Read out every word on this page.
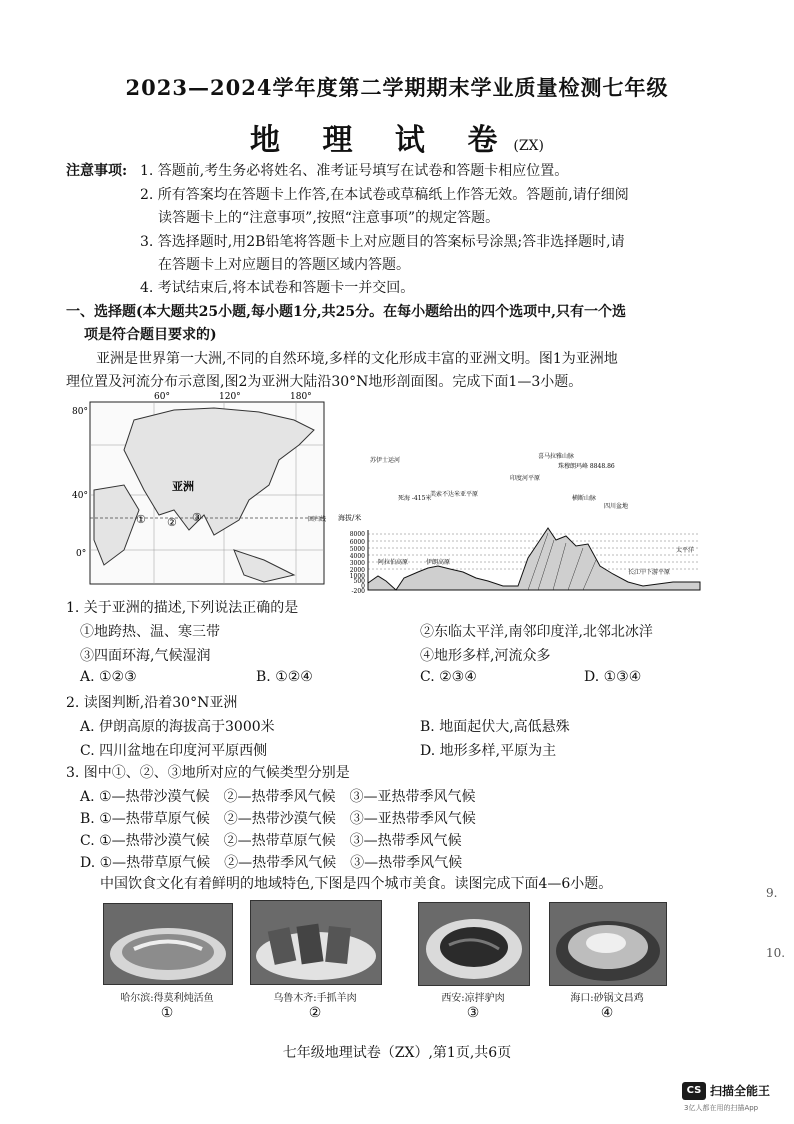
2023—2024学年度第二学期期末学业质量检测七年级
地 理 试 卷(ZX)
注意事项: 1. 答题前,考生务必将姓名、准考证号填写在试卷和答题卡相应位置。
2. 所有答案均在答题卡上作答,在本试卷或草稿纸上作答无效。答题前,请仔细阅
读答题卡上的“注意事项”,按照“注意事项”的规定答题。
3. 答选择题时,用2B铅笔将答题卡上对应题目的答案标号涂黑;答非选择题时,请
在答题卡上对应题目的答题区域内答题。
4. 考试结束后,将本试卷和答题卡一并交回。
一、选择题(本大题共25小题,每小题1分,共25分。在每小题给出的四个选项中,只有一个选
项是符合题目要求的)
亚洲是世界第一大洲,不同的自然环境,多样的文化形成丰富的亚洲文明。图1为亚洲地
理位置及河流分布示意图,图2为亚洲大陆沿30°N地形剖面图。完成下面1—3小题。
60°	120°	180°
80°
40°
0°
亚洲
① ② ③	回归线 海拔/米
8000
6000
5000
4000
3000
2000
1000
500
0
-200
苏伊士运河
死海 -415米
美索不达米亚平原
印度河平原
喜马拉雅山脉
珠穆朗玛峰 8848.86
横断山脉
四川盆地
太平洋
伊朗高原
阿拉伯高原
长江中下游平原
1. 关于亚洲的描述,下列说法正确的是
①地跨热、温、寒三带	②东临太平洋,南邻印度洋,北邻北冰洋
③四面环海,气候湿润	④地形多样,河流众多
A. ①②③	B. ①②④	C. ②③④	D. ①③④
2. 读图判断,沿着30°N亚洲
A. 伊朗高原的海拔高于3000米	B. 地面起伏大,高低悬殊
C. 四川盆地在印度河平原西侧	D. 地形多样,平原为主
3. 图中①、②、③地所对应的气候类型分别是
A. ①—热带沙漠气候　②—热带季风气候　③—亚热带季风气候
B. ①—热带草原气候　②—热带沙漠气候　③—亚热带季风气候
C. ①—热带沙漠气候　②—热带草原气候　③—热带季风气候
D. ①—热带草原气候　②—热带季风气候　③—热带季风气候
中国饮食文化有着鲜明的地域特色,下图是四个城市美食。读图完成下面4—6小题。
哈尔滨:得莫利炖活鱼	乌鲁木齐:手抓羊肉	西安:凉拌驴肉	海口:砂锅文昌鸡
①	②	③	④
七年级地理试卷（ZX）,第1页,共6页
9.
10.
CS 扫描全能王
3亿人都在用的扫描App
